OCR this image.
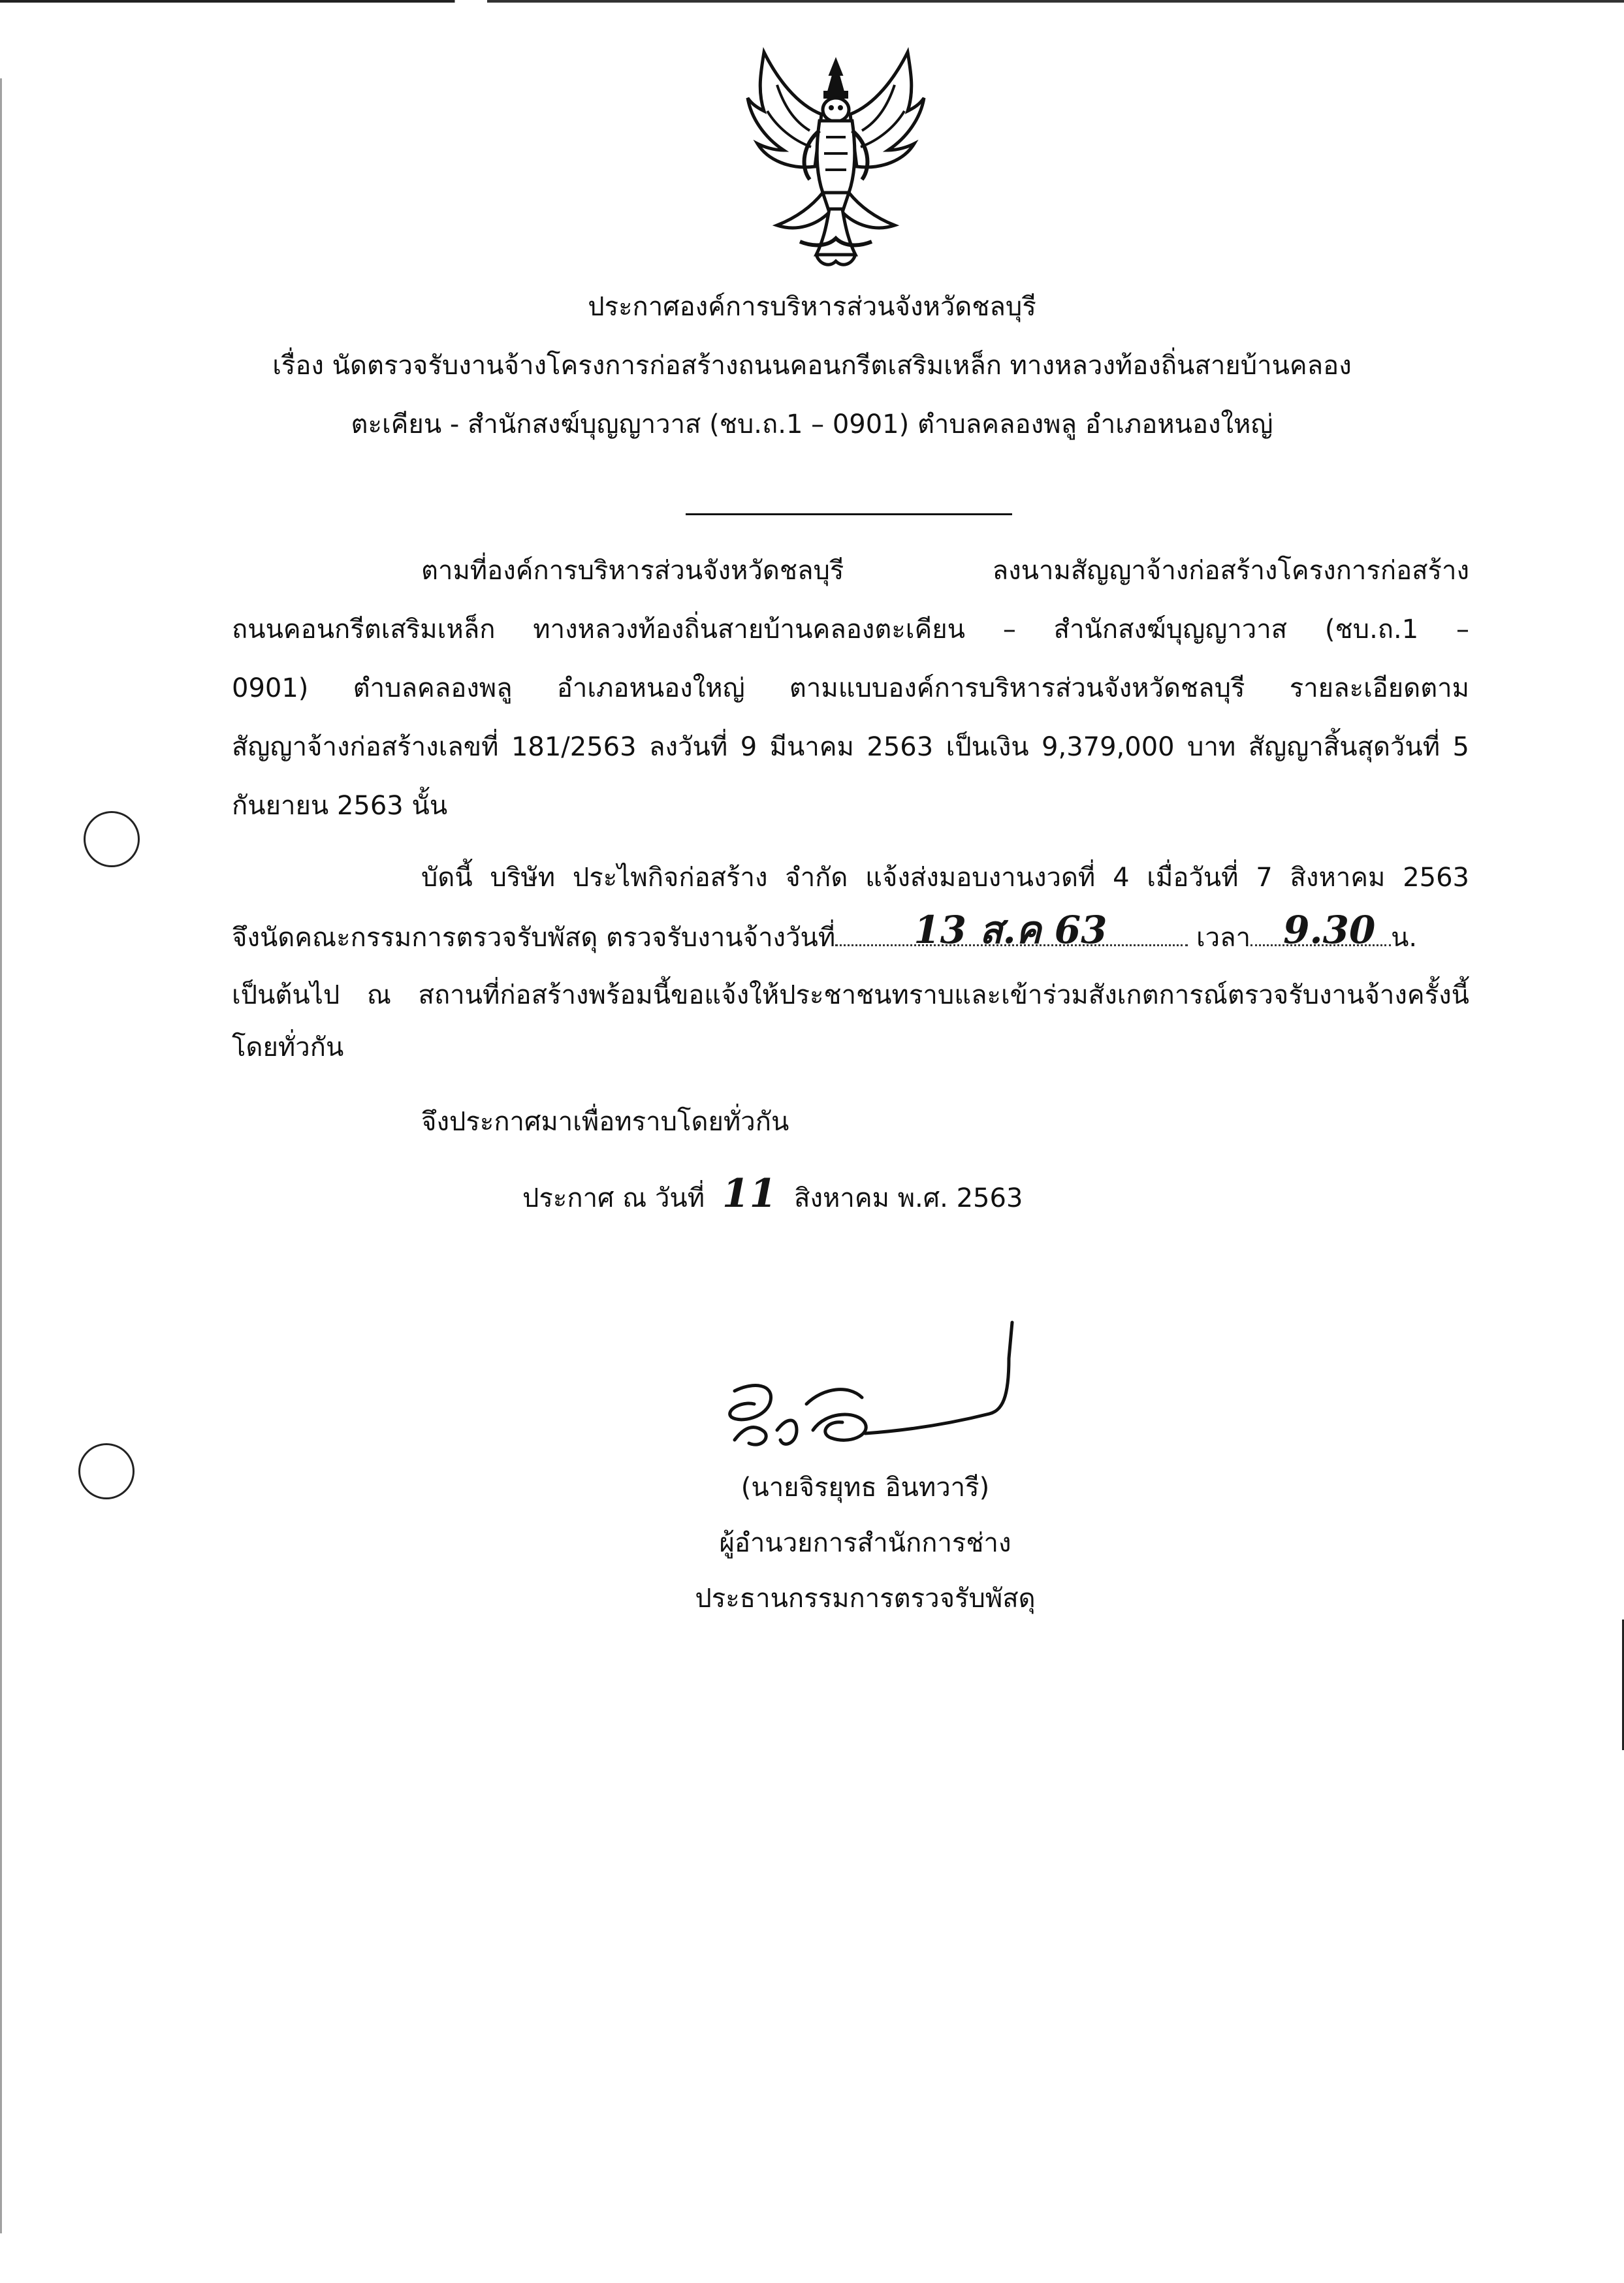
ประกาศองค์การบริหารส่วนจังหวัดชลบุรี
เรื่อง นัดตรวจรับงานจ้างโครงการก่อสร้างถนนคอนกรีตเสริมเหล็ก ทางหลวงท้องถิ่นสายบ้านคลอง
ตะเคียน - สำนักสงฆ์บุญญาวาส (ชบ.ถ.1 – 0901) ตำบลคลองพลู อำเภอหนองใหญ่
ตามที่องค์การบริหารส่วนจังหวัดชลบุรี ลงนามสัญญาจ้างก่อสร้างโครงการก่อสร้าง
ถนนคอนกรีตเสริมเหล็ก ทางหลวงท้องถิ่นสายบ้านคลองตะเคียน – สำนักสงฆ์บุญญาวาส (ชบ.ถ.1 –
0901) ตำบลคลองพลู อำเภอหนองใหญ่ ตามแบบองค์การบริหารส่วนจังหวัดชลบุรี รายละเอียดตาม
สัญญาจ้างก่อสร้างเลขที่ 181/2563 ลงวันที่ 9 มีนาคม 2563 เป็นเงิน 9,379,000 บาท สัญญาสิ้นสุดวันที่ 5
กันยายน 2563 นั้น
บัดนี้ บริษัท ประไพกิจก่อสร้าง จำกัด แจ้งส่งมอบงานงวดที่ 4 เมื่อวันที่ 7 สิงหาคม 2563
จึงนัดคณะกรรมการตรวจรับพัสดุ ตรวจรับงานจ้างวันที่ 13 ส.ค 63	เวลา 9.30 น.
เป็นต้นไป ณ สถานที่ก่อสร้างพร้อมนี้ขอแจ้งให้ประชาชนทราบและเข้าร่วมสังเกตการณ์ตรวจรับงานจ้างครั้งนี้
โดยทั่วกัน
จึงประกาศมาเพื่อทราบโดยทั่วกัน
ประกาศ ณ วันที่ 11 สิงหาคม พ.ศ. 2563
(นายจิรยุทธ อินทวารี)
ผู้อำนวยการสำนักการช่าง
ประธานกรรมการตรวจรับพัสดุ
